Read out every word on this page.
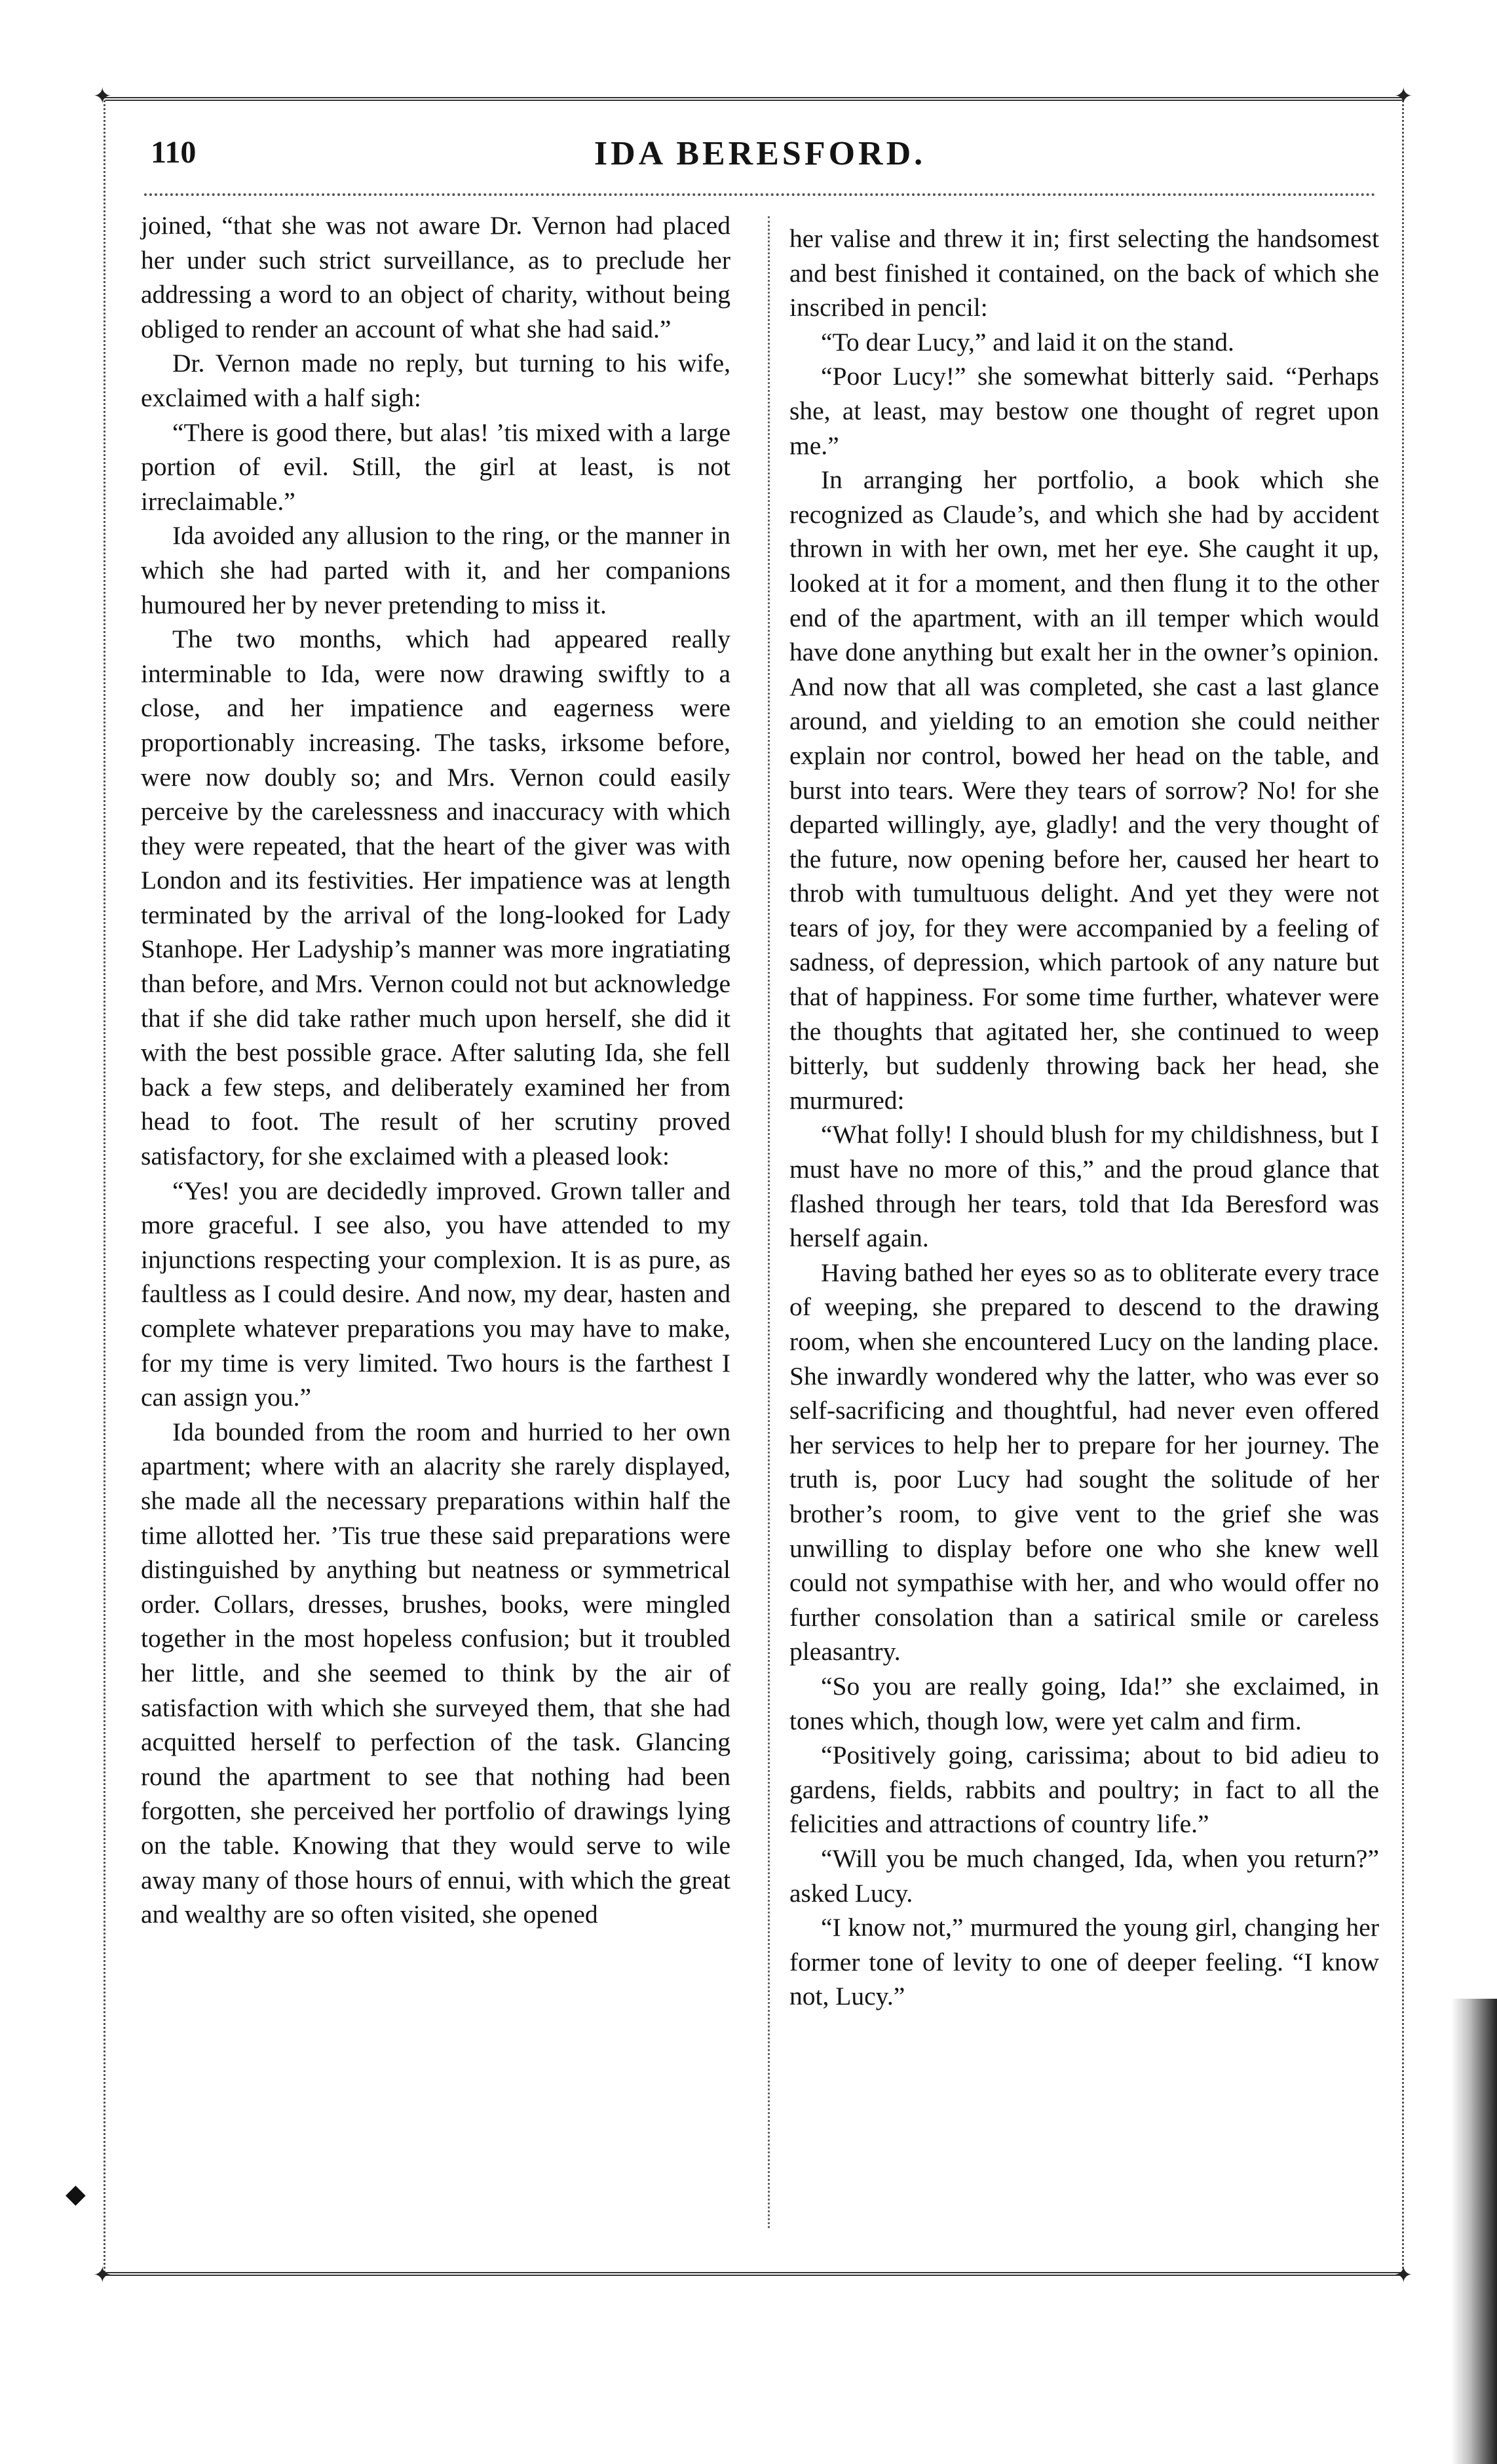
✦	✦
✦	✦
110	IDA BERESFORD.

joined, “that she was not aware Dr. Vernon had placed her under such strict surveillance, as to preclude her addressing a word to an object of charity, without being obliged to render an account of what she had said.”

Dr. Vernon made no reply, but turning to his wife, exclaimed with a half sigh:

“There is good there, but alas! ’tis mixed with a large portion of evil. Still, the girl at least, is not irreclaimable.”

Ida avoided any allusion to the ring, or the manner in which she had parted with it, and her companions humoured her by never pretending to miss it.

The two months, which had appeared really interminable to Ida, were now drawing swiftly to a close, and her impatience and eagerness were proportionably increasing. The tasks, irksome before, were now doubly so; and Mrs. Vernon could easily perceive by the carelessness and inaccuracy with which they were repeated, that the heart of the giver was with London and its festivities. Her impatience was at length terminated by the arrival of the long-looked for Lady Stanhope. Her Ladyship’s manner was more ingratiating than before, and Mrs. Vernon could not but acknowledge that if she did take rather much upon herself, she did it with the best possible grace. After saluting Ida, she fell back a few steps, and deliberately examined her from head to foot. The result of her scrutiny proved satisfactory, for she exclaimed with a pleased look:

“Yes! you are decidedly improved. Grown taller and more graceful. I see also, you have attended to my injunctions respecting your complexion. It is as pure, as faultless as I could desire. And now, my dear, hasten and complete whatever preparations you may have to make, for my time is very limited. Two hours is the farthest I can assign you.”

Ida bounded from the room and hurried to her own apartment; where with an alacrity she rarely displayed, she made all the necessary preparations within half the time allotted her. ’Tis true these said preparations were distinguished by anything but neatness or symmetrical order. Collars, dresses, brushes, books, were mingled together in the most hopeless confusion; but it troubled her little, and she seemed to think by the air of satisfaction with which she surveyed them, that she had acquitted herself to perfection of the task. Glancing round the apartment to see that nothing had been forgotten, she perceived her portfolio of drawings lying on the table. Knowing that they would serve to wile away many of those hours of ennui, with which the great and wealthy are so often visited, she opened

her valise and threw it in; first selecting the handsomest and best finished it contained, on the back of which she inscribed in pencil:

“To dear Lucy,” and laid it on the stand.

“Poor Lucy!” she somewhat bitterly said. “Perhaps she, at least, may bestow one thought of regret upon me.”

In arranging her portfolio, a book which she recognized as Claude’s, and which she had by accident thrown in with her own, met her eye. She caught it up, looked at it for a moment, and then flung it to the other end of the apartment, with an ill temper which would have done anything but exalt her in the owner’s opinion. And now that all was completed, she cast a last glance around, and yielding to an emotion she could neither explain nor control, bowed her head on the table, and burst into tears. Were they tears of sorrow? No! for she departed willingly, aye, gladly! and the very thought of the future, now opening before her, caused her heart to throb with tumultuous delight. And yet they were not tears of joy, for they were accompanied by a feeling of sadness, of depression, which partook of any nature but that of happiness. For some time further, whatever were the thoughts that agitated her, she continued to weep bitterly, but suddenly throwing back her head, she murmured:

“What folly! I should blush for my childishness, but I must have no more of this,” and the proud glance that flashed through her tears, told that Ida Beresford was herself again.

Having bathed her eyes so as to obliterate every trace of weeping, she prepared to descend to the drawing room, when she encountered Lucy on the landing place. She inwardly wondered why the latter, who was ever so self-sacrificing and thoughtful, had never even offered her services to help her to prepare for her journey. The truth is, poor Lucy had sought the solitude of her brother’s room, to give vent to the grief she was unwilling to display before one who she knew well could not sympathise with her, and who would offer no further consolation than a satirical smile or careless pleasantry.

“So you are really going, Ida!” she exclaimed, in tones which, though low, were yet calm and firm.

“Positively going, carissima; about to bid adieu to gardens, fields, rabbits and poultry; in fact to all the felicities and attractions of country life.”

“Will you be much changed, Ida, when you return?” asked Lucy.

“I know not,” murmured the young girl, changing her former tone of levity to one of deeper feeling. “I know not, Lucy.”

◆
